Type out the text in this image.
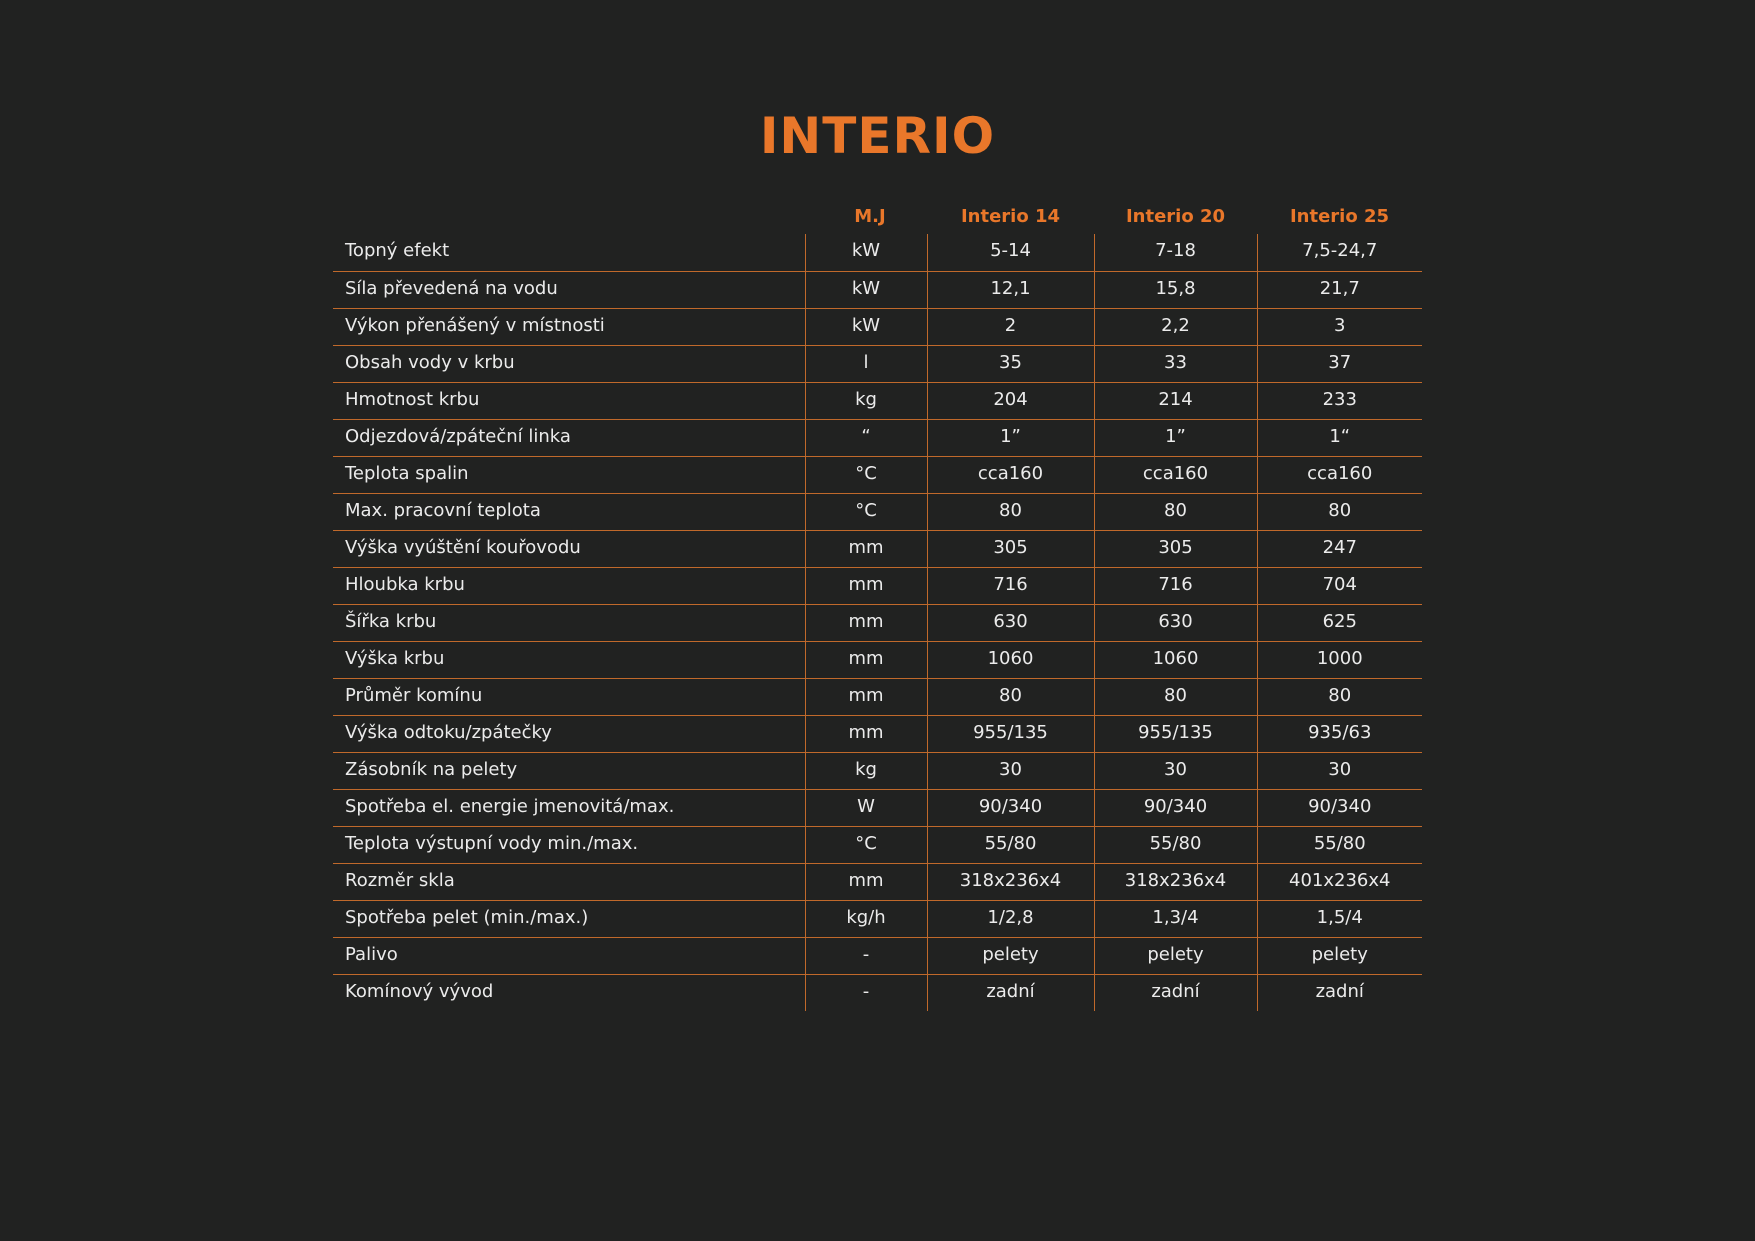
INTERIO
	M.J	Interio 14	Interio 20	Interio 25
Topný efekt	kW	5-14	7-18	7,5-24,7
Síla převedená na vodu	kW	12,1	15,8	21,7
Výkon přenášený v místnosti	kW	2	2,2	3
Obsah vody v krbu	l	35	33	37
Hmotnost krbu	kg	204	214	233
Odjezdová/zpáteční linka	“	1”	1”	1“
Teplota spalin	°C	cca160	cca160	cca160
Max. pracovní teplota	°C	80	80	80
Výška vyúštění kouřovodu	mm	305	305	247
Hloubka krbu	mm	716	716	704
Šířka krbu	mm	630	630	625
Výška krbu	mm	1060	1060	1000
Průměr komínu	mm	80	80	80
Výška odtoku/zpátečky	mm	955/135	955/135	935/63
Zásobník na pelety	kg	30	30	30
Spotřeba el. energie jmenovitá/max.	W	90/340	90/340	90/340
Teplota výstupní vody min./max.	°C	55/80	55/80	55/80
Rozměr skla	mm	318x236x4	318x236x4	401x236x4
Spotřeba pelet (min./max.)	kg/h	1/2,8	1,3/4	1,5/4
Palivo	-	pelety	pelety	pelety
Komínový vývod	-	zadní	zadní	zadní
